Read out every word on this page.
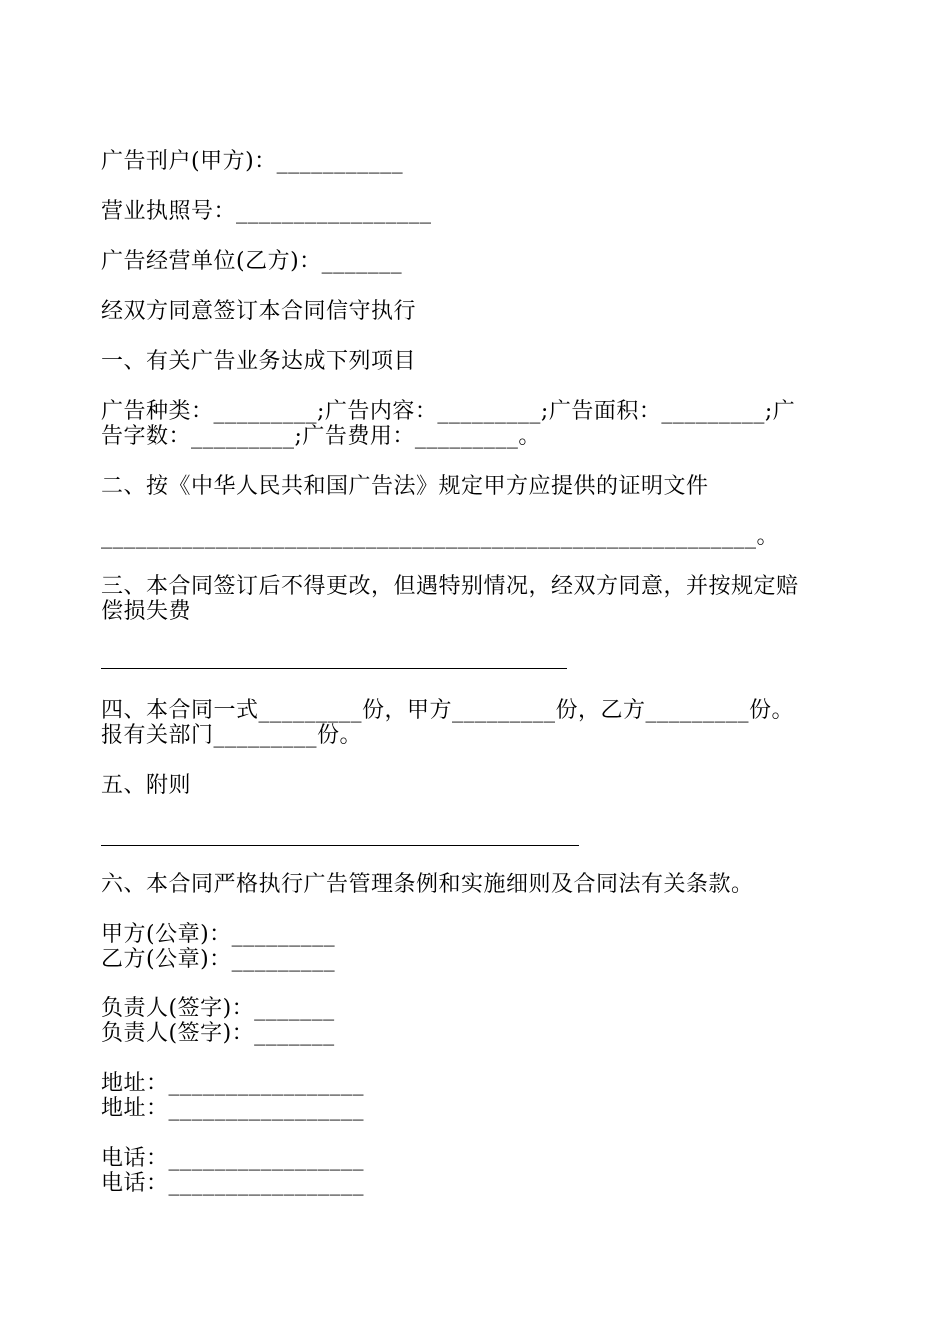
广告刊户(甲方)：___________
营业执照号：_________________
广告经营单位(乙方)：_______
经双方同意签订本合同信守执行
一、有关广告业务达成下列项目
广告种类：_________;广告内容：_________;广告面积：_________;广
告字数：_________;广告费用：_________。
二、按《中华人民共和国广告法》规定甲方应提供的证明文件
_________________________________________________________。
三、本合同签订后不得更改，但遇特别情况，经双方同意，并按规定赔
偿损失费
四、本合同一式_________份，甲方_________份，乙方_________份。
报有关部门_________份。
五、附则
六、本合同严格执行广告管理条例和实施细则及合同法有关条款。
甲方(公章)：_________
乙方(公章)：_________
负责人(签字)：_______
负责人(签字)：_______
地址：_________________
地址：_________________
电话：_________________
电话：_________________
